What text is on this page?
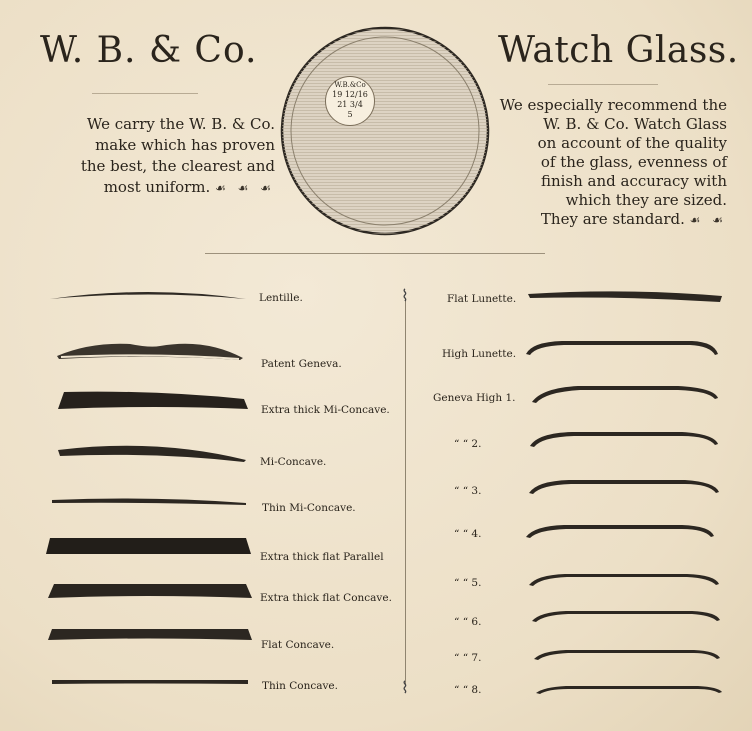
W. B. & Co.	Watch Glass.
We carry the W. B. & Co.
make which has proven
the best, the clearest and
most uniform. ☙ ☙ ☙
We especially recommend the
W. B. & Co. Watch Glass
on account of the quality
of the glass, evenness of
finish and accuracy with
which they are sized.
They are standard. ☙ ☙
W.B.&Co
19 12/16
21 3/4
5
Lentille.
Patent Geneva.
Extra thick Mi-Concave.
Mi-Concave.
Thin Mi-Concave.
Extra thick flat Parallel
Extra thick flat Concave.
Flat Concave.
Thin Concave.
⌇
⌇
Flat Lunette.
High Lunette.
Geneva High 1.
“ “ 2.
“ “ 3.
“ “ 4.
“ “ 5.
“ “ 6.
“ “ 7.
“ “ 8.
